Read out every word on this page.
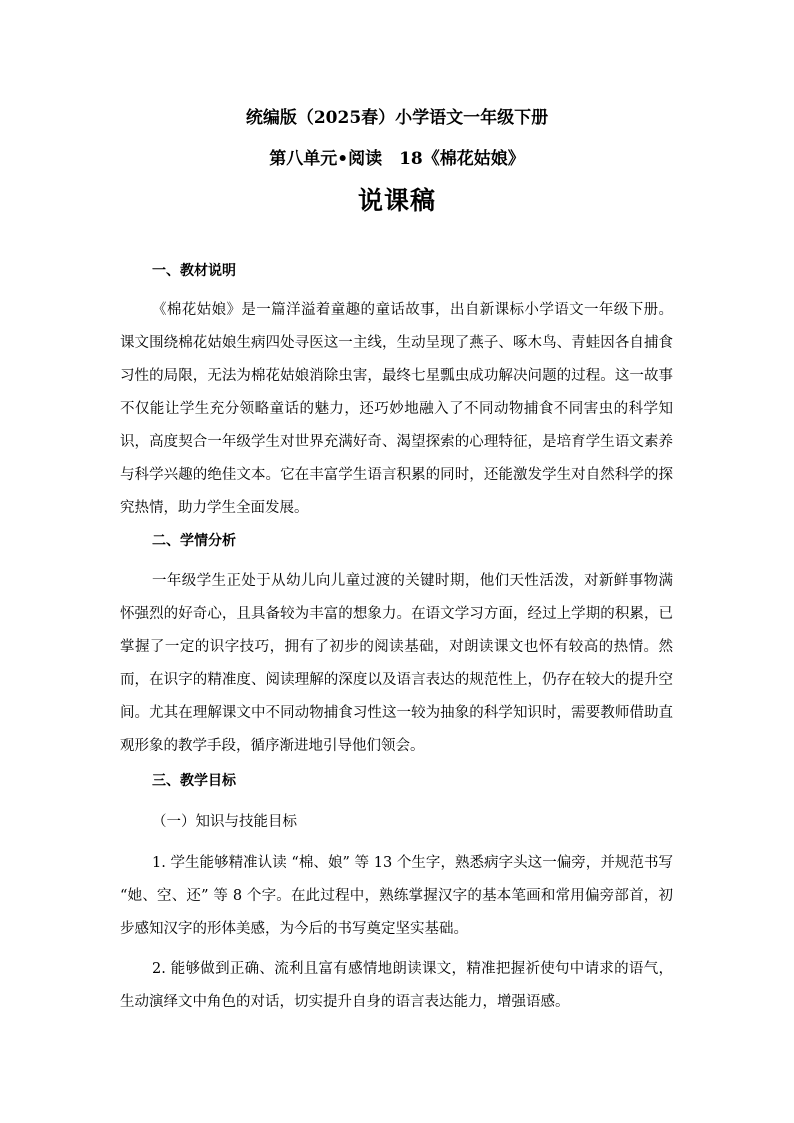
统编版（2025春）小学语文一年级下册
第八单元•阅读　18《棉花姑娘》
说课稿
一、教材说明

《棉花姑娘》是一篇洋溢着童趣的童话故事，出自新课标小学语文一年级下册。课文围绕棉花姑娘生病四处寻医这一主线，生动呈现了燕子、啄木鸟、青蛙因各自捕食习性的局限，无法为棉花姑娘消除虫害，最终七星瓢虫成功解决问题的过程。这一故事不仅能让学生充分领略童话的魅力，还巧妙地融入了不同动物捕食不同害虫的科学知识，高度契合一年级学生对世界充满好奇、渴望探索的心理特征，是培育学生语文素养与科学兴趣的绝佳文本。它在丰富学生语言积累的同时，还能激发学生对自然科学的探究热情，助力学生全面发展。

二、学情分析

一年级学生正处于从幼儿向儿童过渡的关键时期，他们天性活泼，对新鲜事物满怀强烈的好奇心，且具备较为丰富的想象力。在语文学习方面，经过上学期的积累，已掌握了一定的识字技巧，拥有了初步的阅读基础，对朗读课文也怀有较高的热情。然而，在识字的精准度、阅读理解的深度以及语言表达的规范性上，仍存在较大的提升空间。尤其在理解课文中不同动物捕食习性这一较为抽象的科学知识时，需要教师借助直观形象的教学手段，循序渐进地引导他们领会。

三、教学目标
（一）知识与技能目标

1. 学生能够精准认读 “棉、娘” 等 13 个生字，熟悉病字头这一偏旁，并规范书写 “她、空、还” 等 8 个字。在此过程中，熟练掌握汉字的基本笔画和常用偏旁部首，初步感知汉字的形体美感，为今后的书写奠定坚实基础。

2. 能够做到正确、流利且富有感情地朗读课文，精准把握祈使句中请求的语气，生动演绎文中角色的对话，切实提升自身的语言表达能力，增强语感。
